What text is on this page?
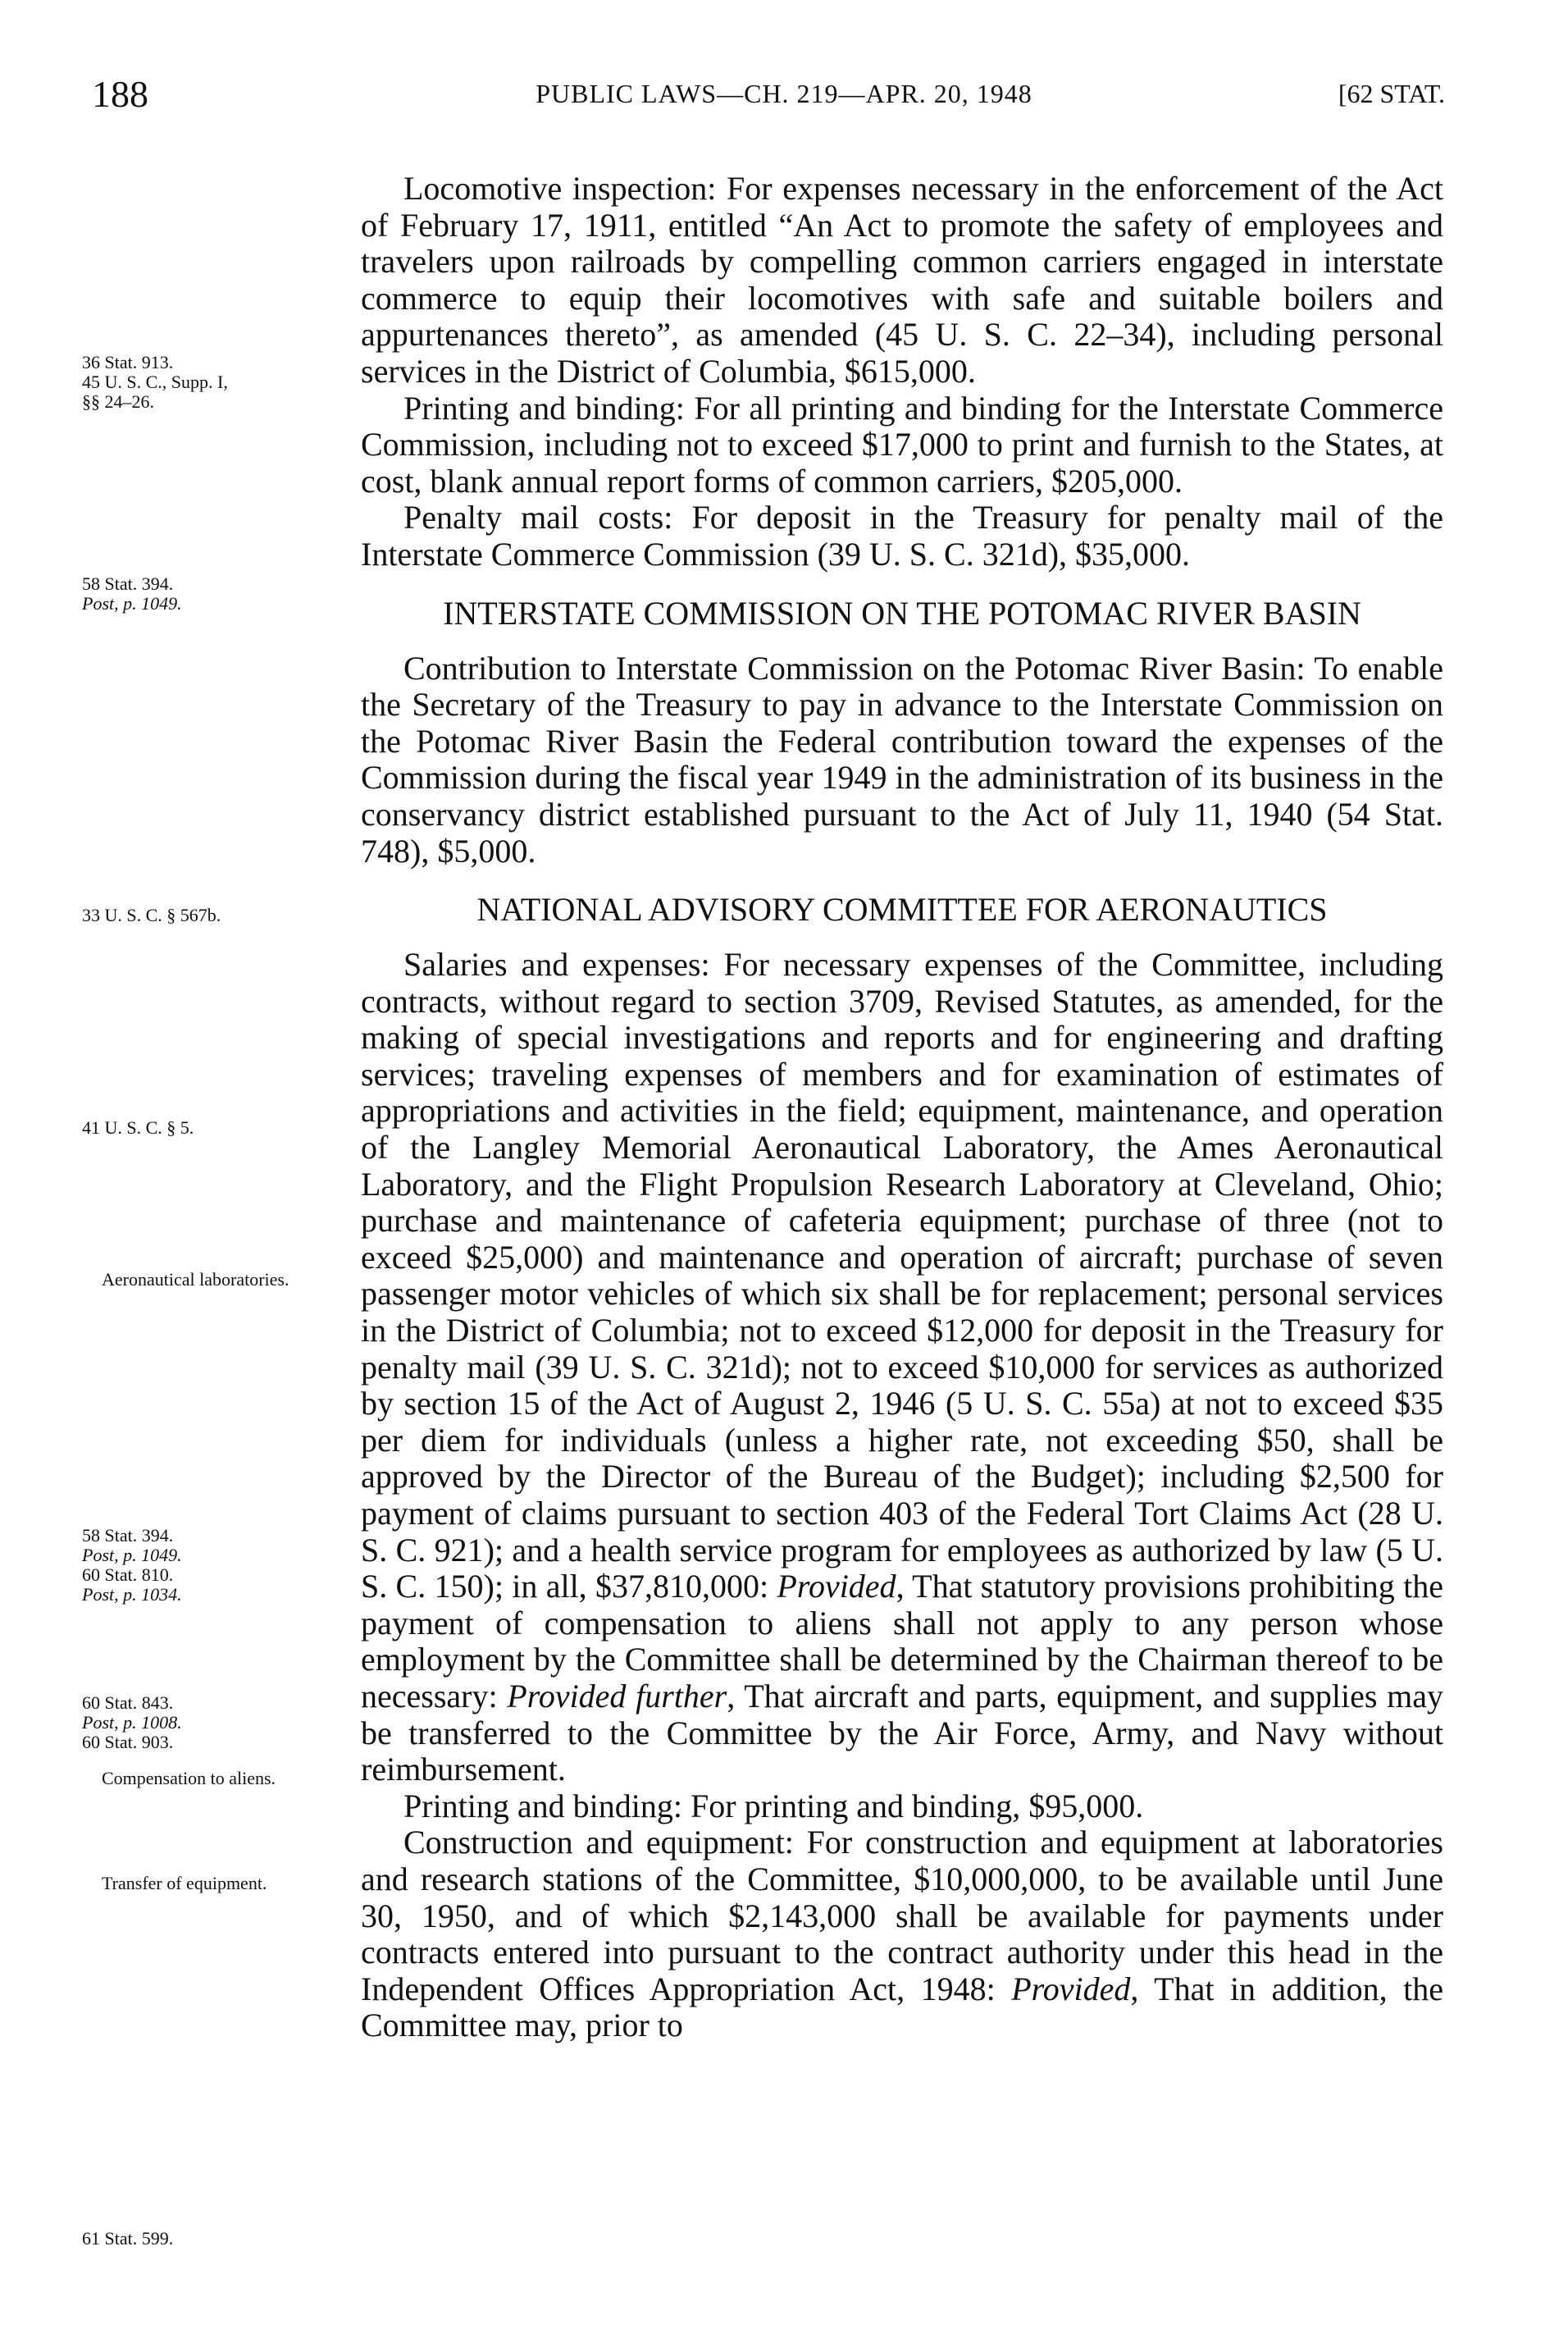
188	PUBLIC LAWS—CH. 219—APR. 20, 1948	[62 STAT.

Locomotive inspection: For expenses necessary in the enforcement of the Act of February 17, 1911, entitled “An Act to promote the safety of employees and travelers upon railroads by compelling common carriers engaged in interstate commerce to equip their locomotives with safe and suitable boilers and appurtenances thereto”, as amended (45 U. S. C. 22–34), including personal services in the District of Columbia, $615,000.

Printing and binding: For all printing and binding for the Interstate Commerce Commission, including not to exceed $17,000 to print and furnish to the States, at cost, blank annual report forms of common carriers, $205,000.

Penalty mail costs: For deposit in the Treasury for penalty mail of the Interstate Commerce Commission (39 U. S. C. 321d), $35,000.

INTERSTATE COMMISSION ON THE POTOMAC RIVER BASIN

Contribution to Interstate Commission on the Potomac River Basin: To enable the Secretary of the Treasury to pay in advance to the Interstate Commission on the Potomac River Basin the Federal contribution toward the expenses of the Commission during the fiscal year 1949 in the administration of its business in the conservancy district established pursuant to the Act of July 11, 1940 (54 Stat. 748), $5,000.

NATIONAL ADVISORY COMMITTEE FOR AERONAUTICS

Salaries and expenses: For necessary expenses of the Committee, including contracts, without regard to section 3709, Revised Statutes, as amended, for the making of special investigations and reports and for engineering and drafting services; traveling expenses of members and for examination of estimates of appropriations and activities in the field; equipment, maintenance, and operation of the Langley Memorial Aeronautical Laboratory, the Ames Aeronautical Laboratory, and the Flight Propulsion Research Laboratory at Cleveland, Ohio; purchase and maintenance of cafeteria equipment; purchase of three (not to exceed $25,000) and maintenance and operation of aircraft; purchase of seven passenger motor vehicles of which six shall be for replacement; personal services in the District of Columbia; not to exceed $12,000 for deposit in the Treasury for penalty mail (39 U. S. C. 321d); not to exceed $10,000 for services as authorized by section 15 of the Act of August 2, 1946 (5 U. S. C. 55a) at not to exceed $35 per diem for individuals (unless a higher rate, not exceeding $50, shall be approved by the Director of the Bureau of the Budget); including $2,500 for payment of claims pursuant to section 403 of the Federal Tort Claims Act (28 U. S. C. 921); and a health service program for employees as authorized by law (5 U. S. C. 150); in all, $37,810,000: Provided, That statutory provisions prohibiting the payment of compensation to aliens shall not apply to any person whose employment by the Committee shall be determined by the Chairman thereof to be necessary: Provided further, That aircraft and parts, equipment, and supplies may be transferred to the Committee by the Air Force, Army, and Navy without reimbursement.

Printing and binding: For printing and binding, $95,000.

Construction and equipment: For construction and equipment at laboratories and research stations of the Committee, $10,000,000, to be available until June 30, 1950, and of which $2,143,000 shall be available for payments under contracts entered into pursuant to the contract authority under this head in the Independent Offices Appropriation Act, 1948: Provided, That in addition, the Committee may, prior to

36 Stat. 913.
45 U. S. C., Supp. I,
§§ 24–26.
58 Stat. 394.
Post, p. 1049.
33 U. S. C. § 567b.
41 U. S. C. § 5.
Aeronautical laboratories.
58 Stat. 394.
Post, p. 1049.
60 Stat. 810.
Post, p. 1034.
60 Stat. 843.
Post, p. 1008.
60 Stat. 903.
Compensation to aliens.
Transfer of equipment.
61 Stat. 599.
